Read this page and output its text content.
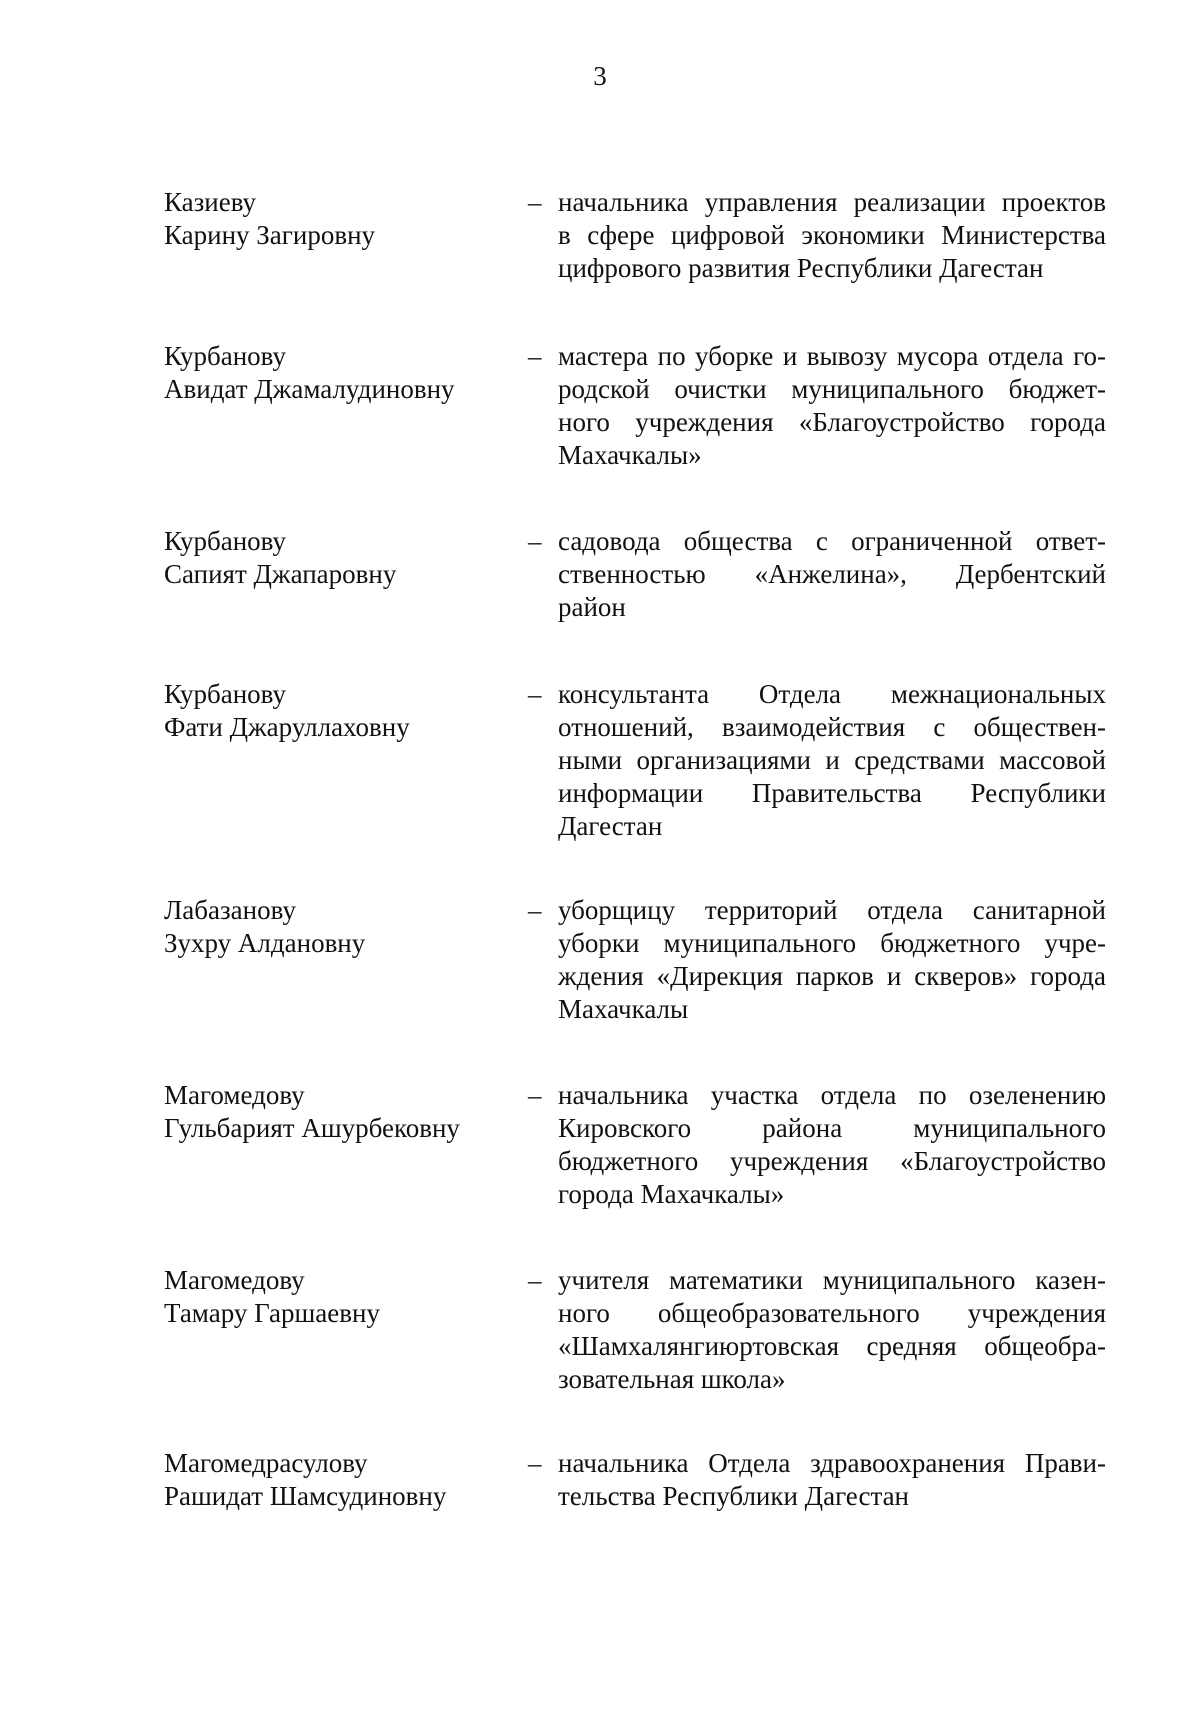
3
Казиеву
Карину Загировну
– начальника управления реализации проектов
в сфере цифровой экономики Министерства
цифрового развития Республики Дагестан
Курбанову
Авидат Джамалудиновну
– мастера по уборке и вывозу мусора отдела го-
родской очистки муниципального бюджет-
ного учреждения «Благоустройство города
Махачкалы»
Курбанову
Сапият Джапаровну
– садовода общества с ограниченной ответ-
ственностью «Анжелина», Дербентский
район
Курбанову
Фати Джаруллаховну
– консультанта Отдела межнациональных
отношений, взаимодействия с обществен-
ными организациями и средствами массовой
информации Правительства Республики
Дагестан
Лабазанову
Зухру Алдановну
– уборщицу территорий отдела санитарной
уборки муниципального бюджетного учре-
ждения «Дирекция парков и скверов» города
Махачкалы
Магомедову
Гульбарият Ашурбековну
– начальника участка отдела по озеленению
Кировского района муниципального
бюджетного учреждения «Благоустройство
города Махачкалы»
Магомедову
Тамару Гаршаевну
– учителя математики муниципального казен-
ного общеобразовательного учреждения
«Шамхалянгиюртовская средняя общеобра-
зовательная школа»
Магомедрасулову
Рашидат Шамсудиновну
– начальника Отдела здравоохранения Прави-
тельства Республики Дагестан
